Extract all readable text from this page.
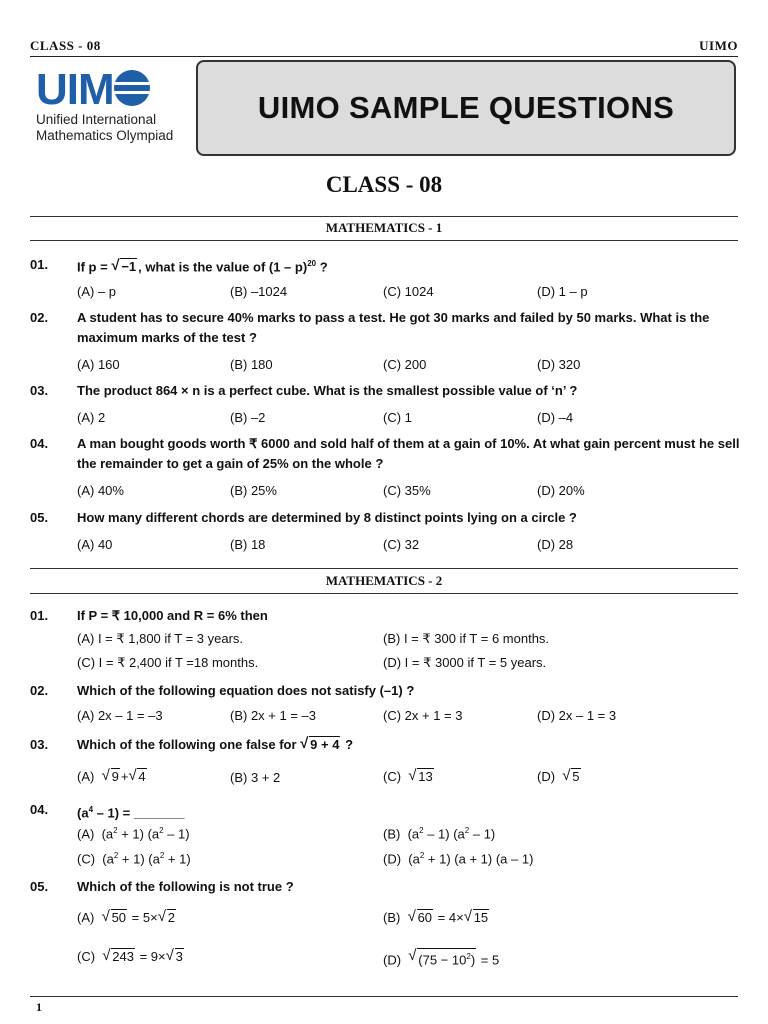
CLASS - 08	UIMO
UIM
Unified International
Mathematics Olympiad
UIMO SAMPLE QUESTIONS
CLASS - 08
MATHEMATICS - 1
01. If p = √ −1 , what is the value of (1 – p)$^{20}$ ?
(A) – p	(B) –1024	(C) 1024	(D) 1 – p
02. A student has to secure 40% marks to pass a test. He got 30 marks and failed by 50 marks. What is the maximum marks of the test ?
(A) 160	(B) 180	(C) 200	(D) 320
03. The product 864 × n is a perfect cube. What is the smallest possible value of ‘n’ ?
(A) 2	(B) –2	(C) 1	(D) –4
04. A man bought goods worth ₹ 6000 and sold half of them at a gain of 10%. At what gain percent must he sell the remainder to get a gain of 25% on the whole ?
(A) 40%	(B) 25%	(C) 35%	(D) 20%
05. How many different chords are determined by 8 distinct points lying on a circle ?
(A) 40	(B) 18	(C) 32	(D) 28
MATHEMATICS - 2
01. If P = ₹ 10,000 and R = 6% then
(A) I = ₹ 1,800 if T = 3 years.	(B) I = ₹ 300 if T = 6 months.
(C) I = ₹ 2,400 if T =18 months.	(D) I = ₹ 3000 if T = 5 years.
02. Which of the following equation does not satisfy (–1) ?
(A) 2x – 1 = –3	(B) 2x + 1 = –3	(C) 2x + 1 = 3	(D) 2x – 1 = 3
03. Which of the following one false for √ 9 + 4 ?
(A) √ 9 + √ 4	(B) 3 + 2	(C) √ 13	(D) √ 5
04. $(a^4 - 1)$ = _______
(A) $(a^2 + 1)$ $(a^2 - 1)$	(B) $(a^2 - 1)$ $(a^2 - 1)$
(C) $(a^2 + 1) (a^2 + 1)$	(D) $(a^2 + 1) (a + 1)$ (a – 1)
05. Which of the following is not true ?
(A) √ 50 = 5× √ 2	(B) √ 60 = 4× √ 15
(C) √ 243 = 9× √ 3	(D) √ $(75 - 10^2) = 5$
1
